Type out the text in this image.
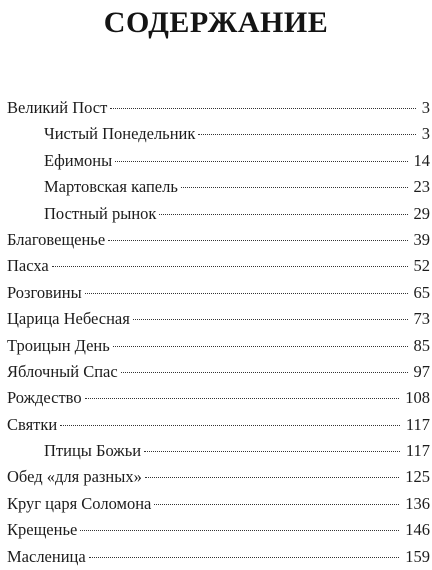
СОДЕРЖАНИЕ
Великий Пост	3
Чистый Понедельник	3
Ефимоны	14
Мартовская капель	23
Постный рынок	29
Благовещенье	39
Пасха	52
Розговины	65
Царица Небесная	73
Троицын День	85
Яблочный Спас	97
Рождество	108
Святки	117
Птицы Божьи	117
Обед «для разных»	125
Круг царя Соломона	136
Крещенье	146
Масленица	159
